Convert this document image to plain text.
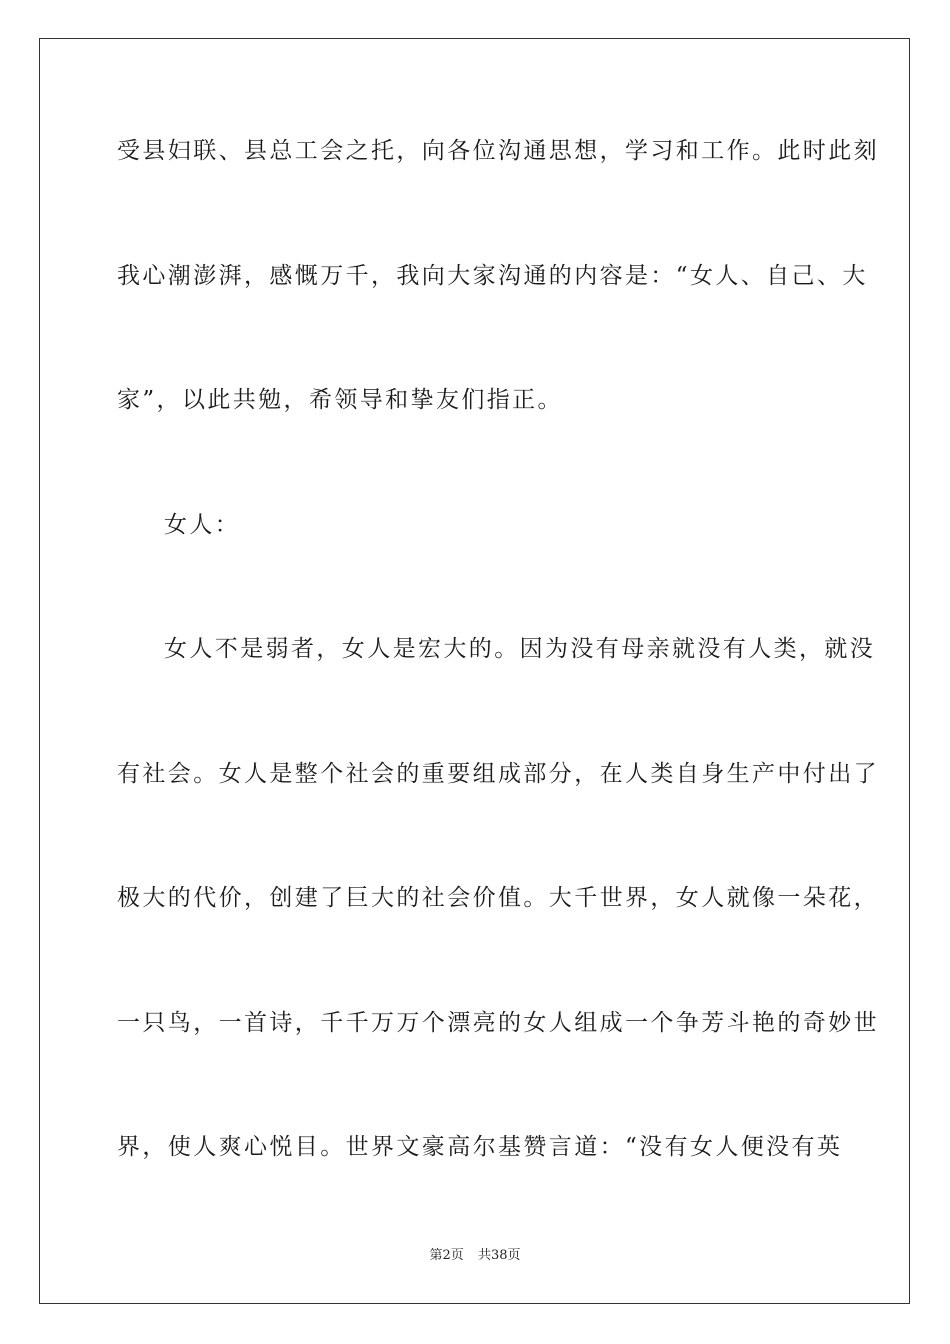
受县妇联、县总工会之托，向各位沟通思想，学习和工作。此时此刻
我心潮澎湃，感慨万千，我向大家沟通的内容是：“女人、自己、大
家”，以此共勉，希领导和挚友们指正。
女人：
女人不是弱者，女人是宏大的。因为没有母亲就没有人类，就没
有社会。女人是整个社会的重要组成部分，在人类自身生产中付出了
极大的代价，创建了巨大的社会价值。大千世界，女人就像一朵花，
一只鸟，一首诗，千千万万个漂亮的女人组成一个争芳斗艳的奇妙世
界，使人爽心悦目。世界文豪高尔基赞言道：“没有女人便没有英
第2页 共38页
